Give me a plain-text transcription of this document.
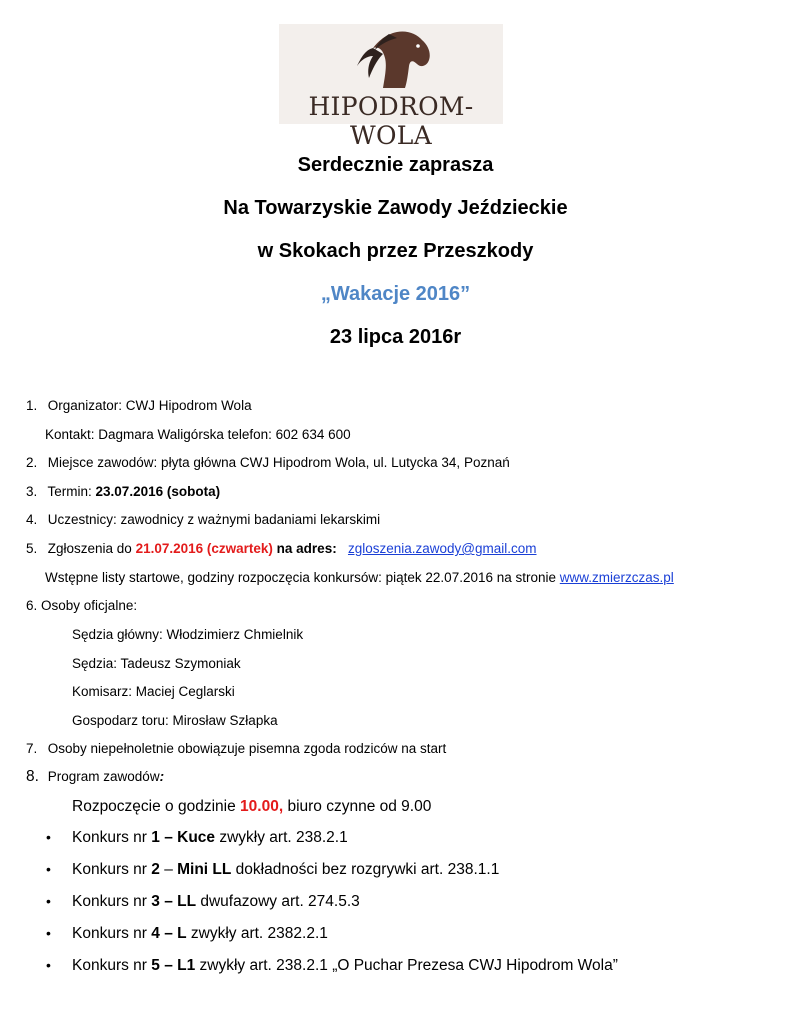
HIPODROM-WOLA
Serdecznie zaprasza
Na Towarzyskie Zawody Jeździeckie
w Skokach przez Przeszkody
„Wakacje 2016”
23 lipca 2016r
1. Organizator: CWJ Hipodrom Wola
Kontakt: Dagmara Waligórska telefon: 602 634 600
2. Miejsce zawodów: płyta główna CWJ Hipodrom Wola, ul. Lutycka 34, Poznań
3. Termin: 23.07.2016 (sobota)
4. Uczestnicy: zawodnicy z ważnymi badaniami lekarskimi
5. Zgłoszenia do 21.07.2016 (czwartek) na adres: zgloszenia.zawody@gmail.com
Wstępne listy startowe, godziny rozpoczęcia konkursów: piątek 22.07.2016 na stronie www.zmierzczas.pl
6. Osoby oficjalne:
Sędzia główny: Włodzimierz Chmielnik
Sędzia: Tadeusz Szymoniak
Komisarz: Maciej Ceglarski
Gospodarz toru: Mirosław Szłapka
7. Osoby niepełnoletnie obowiązuje pisemna zgoda rodziców na start
8. Program zawodów:
Rozpoczęcie o godzinie 10.00, biuro czynne od 9.00
• Konkurs nr 1 – Kuce zwykły art. 238.2.1
• Konkurs nr 2 – Mini LL dokładności bez rozgrywki art. 238.1.1
• Konkurs nr 3 – LL dwufazowy art. 274.5.3
• Konkurs nr 4 – L zwykły art. 2382.2.1
• Konkurs nr 5 – L1 zwykły art. 238.2.1 „O Puchar Prezesa CWJ Hipodrom Wola”
